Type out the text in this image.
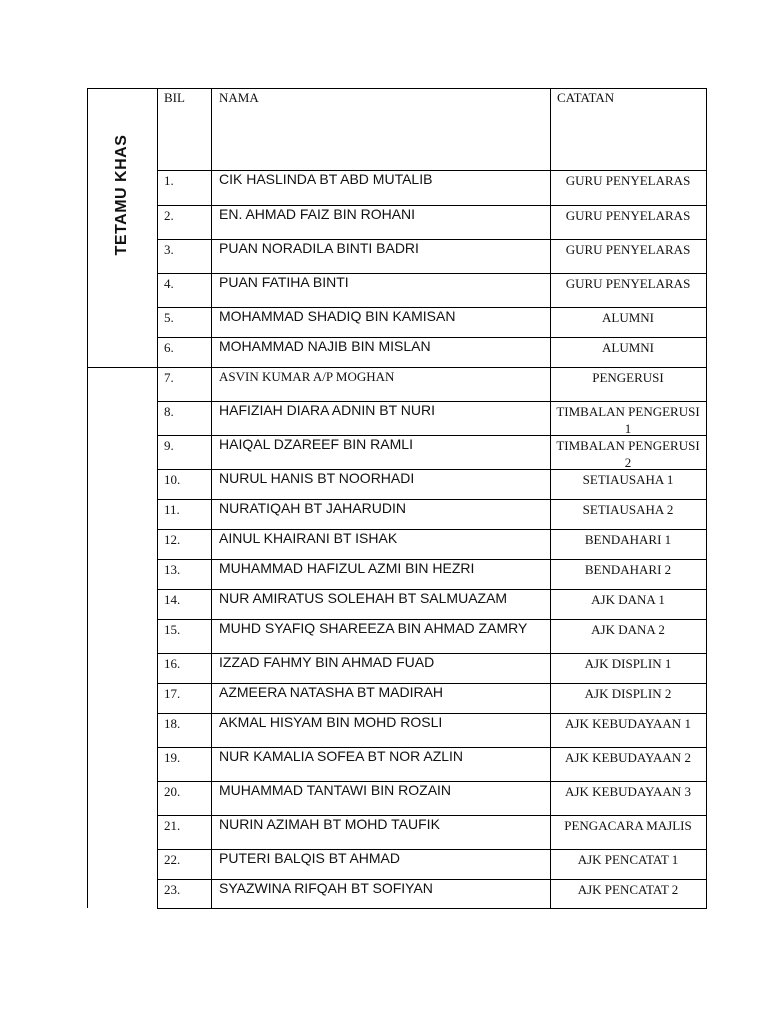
TETAMU KHAS
BIL	NAMA	CATATAN
1.	CIK HASLINDA BT ABD MUTALIB	GURU PENYELARAS
2.	EN. AHMAD FAIZ BIN ROHANI	GURU PENYELARAS
3.	PUAN NORADILA BINTI BADRI	GURU PENYELARAS
4.	PUAN FATIHA BINTI	GURU PENYELARAS
5.	MOHAMMAD SHADIQ BIN KAMISAN	ALUMNI
6.	MOHAMMAD NAJIB BIN MISLAN	ALUMNI
7.	ASVIN KUMAR A/P MOGHAN	PENGERUSI
8.	HAFIZIAH DIARA ADNIN BT NURI	TIMBALAN PENGERUSI 1
9.	HAIQAL DZAREEF BIN RAMLI	TIMBALAN PENGERUSI 2
10.	NURUL HANIS BT NOORHADI	SETIAUSAHA 1
11.	NURATIQAH BT JAHARUDIN	SETIAUSAHA 2
12.	AINUL KHAIRANI BT ISHAK	BENDAHARI 1
13.	MUHAMMAD HAFIZUL AZMI BIN HEZRI	BENDAHARI 2
14.	NUR AMIRATUS SOLEHAH BT SALMUAZAM	AJK DANA 1
15.	MUHD SYAFIQ SHAREEZA BIN AHMAD ZAMRY	AJK DANA 2
16.	IZZAD FAHMY BIN AHMAD FUAD	AJK DISPLIN 1
17.	AZMEERA NATASHA BT MADIRAH	AJK DISPLIN 2
18.	AKMAL HISYAM BIN MOHD ROSLI	AJK KEBUDAYAAN 1
19.	NUR KAMALIA SOFEA BT NOR AZLIN	AJK KEBUDAYAAN 2
20.	MUHAMMAD TANTAWI BIN ROZAIN	AJK KEBUDAYAAN 3
21.	NURIN AZIMAH BT MOHD TAUFIK	PENGACARA MAJLIS
22.	PUTERI BALQIS BT AHMAD	AJK PENCATAT 1
23.	SYAZWINA RIFQAH BT SOFIYAN	AJK PENCATAT 2
